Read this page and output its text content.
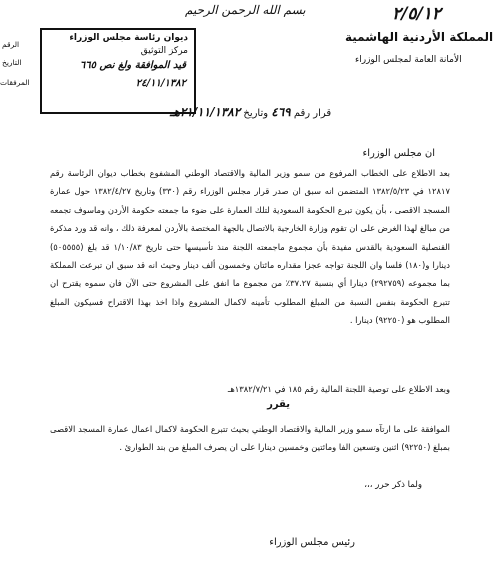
٢/٥/١٢
بسم الله الرحمن الرحيم
المملكة الأردنية الهاشمية
الأمانة العامة لمجلس الوزراء
ديوان رئاسة مجلس الوزراء
مركز التوثيق
قيد الموافقة ولغ نص ٦٦٥
٢٤/١١/١٣٨٢
الرقم
التاريخ
المرفقات
قرار رقم ٤٦٩ وتاريخ ٢١/١١/١٣٨٢هـ
ان مجلس الوزراء
بعد الاطلاع على الخطاب المرفوع من سمو وزير المالية والاقتصاد الوطني المشفوع بخطاب ديوان الرئاسة رقم ١٢٨١٧ في ١٣٨٢/٥/٢٣ المتضمن انه سبق ان صدر قرار مجلس الوزراء رقم (٣٣٠) وتاريخ ١٣٨٢/٤/٢٧ حول عمارة المسجد الاقصى ، بأن يكون تبرع الحكومة السعودية لتلك العمارة على ضوء ما جمعته حكومة الأردن وماسوف تجمعه من مبالغ لهذا الغرض على ان تقوم وزارة الخارجية بالاتصال بالجهة المختصة بالأردن لمعرفة ذلك ، وانه قد ورد مذكرة القنصلية السعودية بالقدس مفيدة بأن مجموع ماجمعته اللجنة منذ تأسيسها حتى تاريخ ١/١٠/٨٣ قد بلغ (٥٠٥٥٥٥) دينارا و(١٨٠) فلسا وان اللجنة تواجه عجزا مقداره مائتان وخمسون ألف دينار وحيث انه قد سبق ان تبرعت المملكة بما مجموعه (٢٩٢٧٥٩) دينارا أي بنسبة ٣٧.٢٧٪ من مجموع ما انفق على المشروع حتى الآن فان سموه يقترح ان تتبرع الحكومة بنفس النسبة من المبلغ المطلوب تأمينه لاكمال المشروع واذا اخذ بهذا الاقتراح فسيكون المبلغ المطلوب هو (٩٢٢٥٠) دينارا .
وبعد الاطلاع على توصية اللجنة المالية رقم ١٨٥ في ١٣٨٢/٧/٢١هـ
يقرر
الموافقة على ما ارتآه سمو وزير المالية والاقتصاد الوطني بحيث تتبرع الحكومة لاكمال اعمال عمارة المسجد الاقصى بمبلغ (٩٢٢٥٠) اثنين وتسعين الفا ومائتين وخمسين دينارا على ان يصرف المبلغ من بند الطوارئ .
ولما ذكر حرر ،،،
رئيس مجلس الوزراء
